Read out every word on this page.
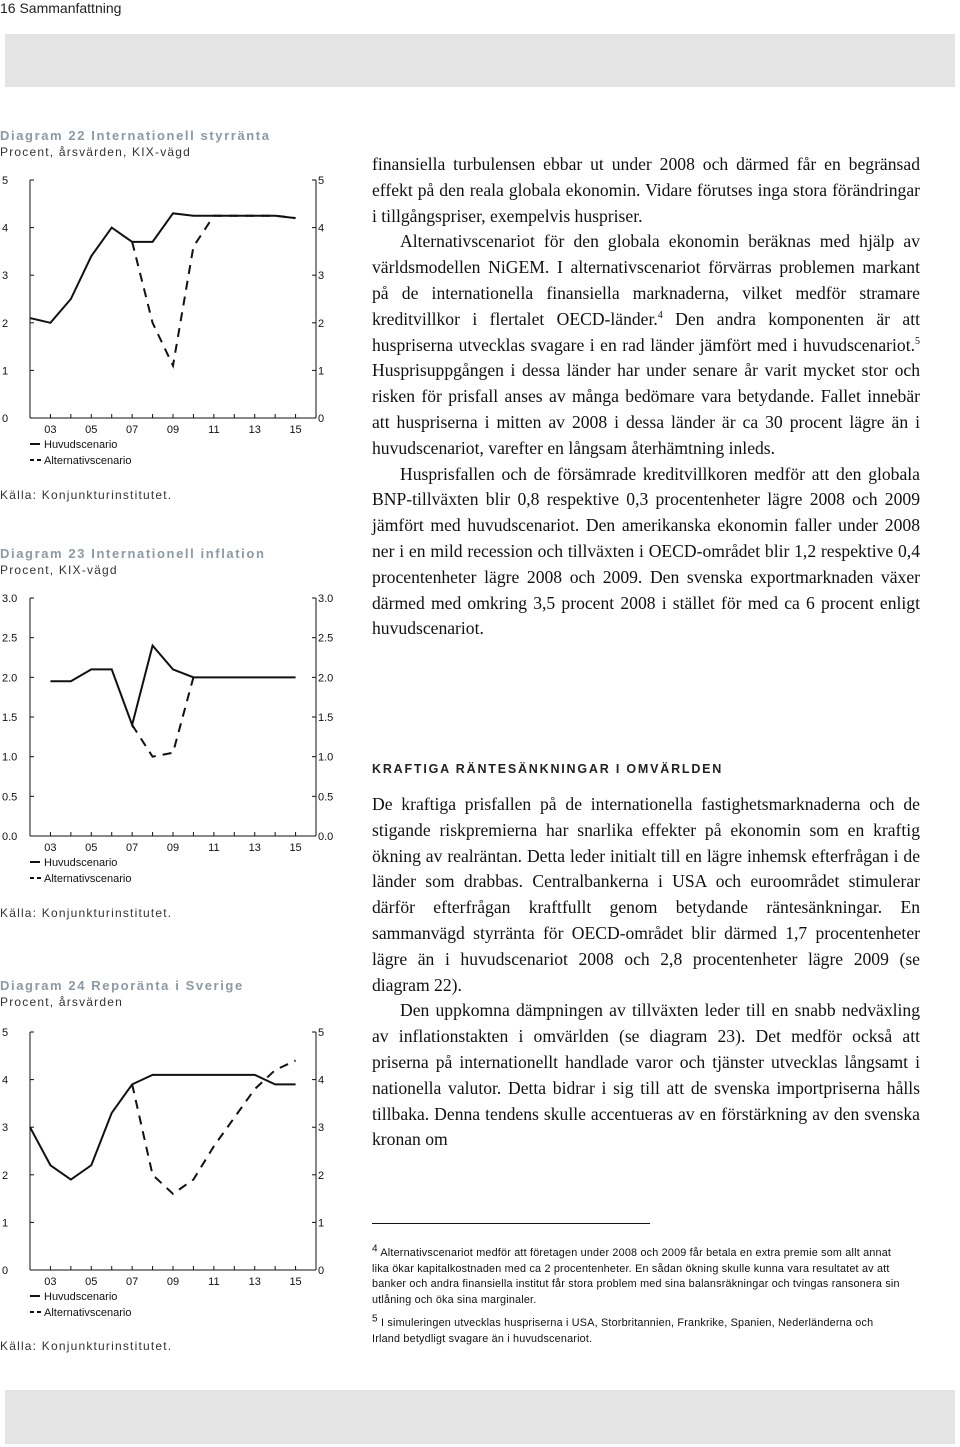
16 Sammanfattning
Diagram 22 Internationell styrränta
Procent, årsvärden, KIX-vägd
0	0
1	1
2	2
3	3
4	4
5	5
03	05	07	09	11	13	15
Huvudscenario
Alternativscenario
Källa: Konjunkturinstitutet.
Diagram 23 Internationell inflation
Procent, KIX-vägd
0.0	0.0
0.5	0.5
1.0	1.0
1.5	1.5
2.0	2.0
2.5	2.5
3.0	3.0
03	05	07	09	11	13	15
Huvudscenario
Alternativscenario
Källa: Konjunkturinstitutet.
Diagram 24 Reporänta i Sverige
Procent, årsvärden
0	0
1	1
2	2
3	3
4	4
5	5
03	05	07	09	11	13	15
Huvudscenario
Alternativscenario
Källa: Konjunkturinstitutet.

finansiella turbulensen ebbar ut under 2008 och därmed får en begränsad effekt på den reala globala ekonomin. Vidare förutses inga stora förändringar i tillgångspriser, exempelvis huspriser.

Alternativscenariot för den globala ekonomin beräknas med hjälp av världsmodellen NiGEM. I alternativscenariot förvärras problemen markant på de internationella finansiella marknaderna, vilket medför stramare kreditvillkor i flertalet OECD-länder.$^4$ Den andra komponenten är att huspriserna utvecklas svagare i en rad länder jämfört med i huvudscenariot.$^5$ Husprisuppgången i dessa länder har under senare år varit mycket stor och risken för prisfall anses av många bedömare vara betydande. Fallet innebär att huspriserna i mitten av 2008 i dessa länder är ca 30 procent lägre än i huvudscenariot, varefter en långsam återhämtning inleds.

Husprisfallen och de försämrade kreditvillkoren medför att den globala BNP-tillväxten blir 0,8 respektive 0,3 procentenheter lägre 2008 och 2009 jämfört med huvudscenariot. Den amerikanska ekonomin faller under 2008 ner i en mild recession och tillväxten i OECD-området blir 1,2 respektive 0,4 procentenheter lägre 2008 och 2009. Den svenska exportmarknaden växer därmed med omkring 3,5 procent 2008 i stället för med ca 6 procent enligt huvudscenariot.

KRAFTIGA RÄNTESÄNKNINGAR I OMVÄRLDEN

De kraftiga prisfallen på de internationella fastighetsmarknaderna och de stigande riskpremierna har snarlika effekter på ekonomin som en kraftig ökning av realräntan. Detta leder initialt till en lägre inhemsk efterfrågan i de länder som drabbas. Centralbankerna i USA och euroområdet stimulerar därför efterfrågan kraftfullt genom betydande räntesänkningar. En sammanvägd styrränta för OECD-området blir därmed 1,7 procentenheter lägre än i huvudscenariot 2008 och 2,8 procentenheter lägre 2009 (se diagram 22).

Den uppkomna dämpningen av tillväxten leder till en snabb nedväxling av inflationstakten i omvärlden (se diagram 23). Det medför också att priserna på internationellt handlade varor och tjänster utvecklas långsamt i nationella valutor. Detta bidrar i sig till att de svenska importpriserna hålls tillbaka. Denna tendens skulle accentueras av en förstärkning av den svenska kronan om

$^4$ Alternativscenariot medför att företagen under 2008 och 2009 får betala en extra premie som allt annat lika ökar kapitalkostnaden med ca 2 procentenheter. En sådan ökning skulle kunna vara resultatet av att banker och andra finansiella institut får stora problem med sina balansräkningar och tvingas ransonera sin utlåning och öka sina marginaler.

$^5$ I simuleringen utvecklas huspriserna i USA, Storbritannien, Frankrike, Spanien, Nederländerna och Irland betydligt svagare än i huvudscenariot.
